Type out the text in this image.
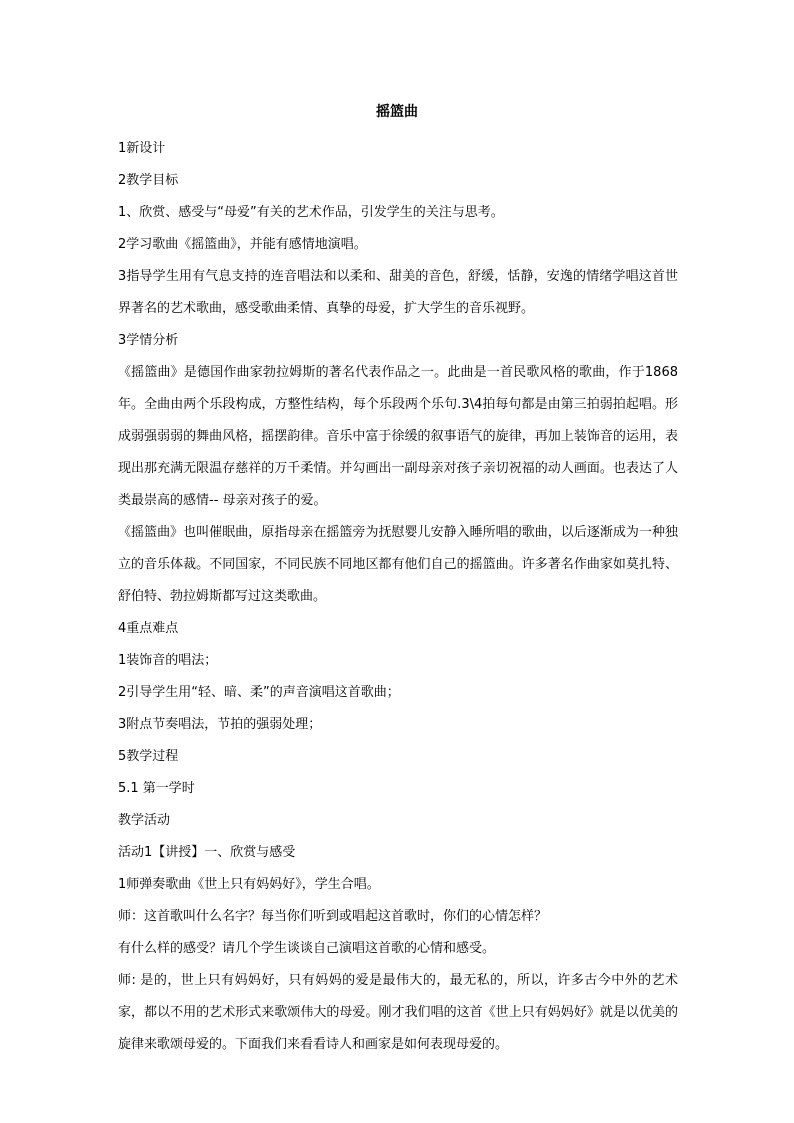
摇篮曲

1新设计

2教学目标

1、欣赏、感受与“母爱”有关的艺术作品，引发学生的关注与思考。

2学习歌曲《摇篮曲》，并能有感情地演唱。

3指导学生用有气息支持的连音唱法和以柔和、甜美的音色，舒缓，恬静，安逸的情绪学唱这首世界著名的艺术歌曲，感受歌曲柔情、真挚的母爱，扩大学生的音乐视野。

3学情分析

《摇篮曲》是德国作曲家勃拉姆斯的著名代表作品之一。此曲是一首民歌风格的歌曲，作于1868年。全曲由两个乐段构成，方整性结构，每个乐段两个乐句.3\4拍每句都是由第三拍弱拍起唱。形成弱强弱弱的舞曲风格，摇摆韵律。音乐中富于徐缓的叙事语气的旋律，再加上装饰音的运用，表现出那充满无限温存慈祥的万千柔情。并勾画出一副母亲对孩子亲切祝福的动人画面。也表达了人类最崇高的感情-- 母亲对孩子的爱。

《摇篮曲》也叫催眠曲，原指母亲在摇篮旁为抚慰婴儿安静入睡所唱的歌曲，以后逐渐成为一种独立的音乐体裁。不同国家，不同民族不同地区都有他们自己的摇篮曲。许多著名作曲家如莫扎特、舒伯特、勃拉姆斯都写过这类歌曲。

4重点难点

1装饰音的唱法；

2引导学生用“轻、暗、柔”的声音演唱这首歌曲；

3附点节奏唱法，节拍的强弱处理；

5教学过程

5.1 第一学时

教学活动

活动1【讲授】一、欣赏与感受

1师弹奏歌曲《世上只有妈妈好》，学生合唱。

师：这首歌叫什么名字？每当你们听到或唱起这首歌时，你们的心情怎样？

有什么样的感受？请几个学生谈谈自己演唱这首歌的心情和感受。

师: 是的，世上只有妈妈好，只有妈妈的爱是最伟大的，最无私的，所以，许多古今中外的艺术家，都以不用的艺术形式来歌颂伟大的母爱。刚才我们唱的这首《世上只有妈妈好》就是以优美的旋律来歌颂母爱的。下面我们来看看诗人和画家是如何表现母爱的。
